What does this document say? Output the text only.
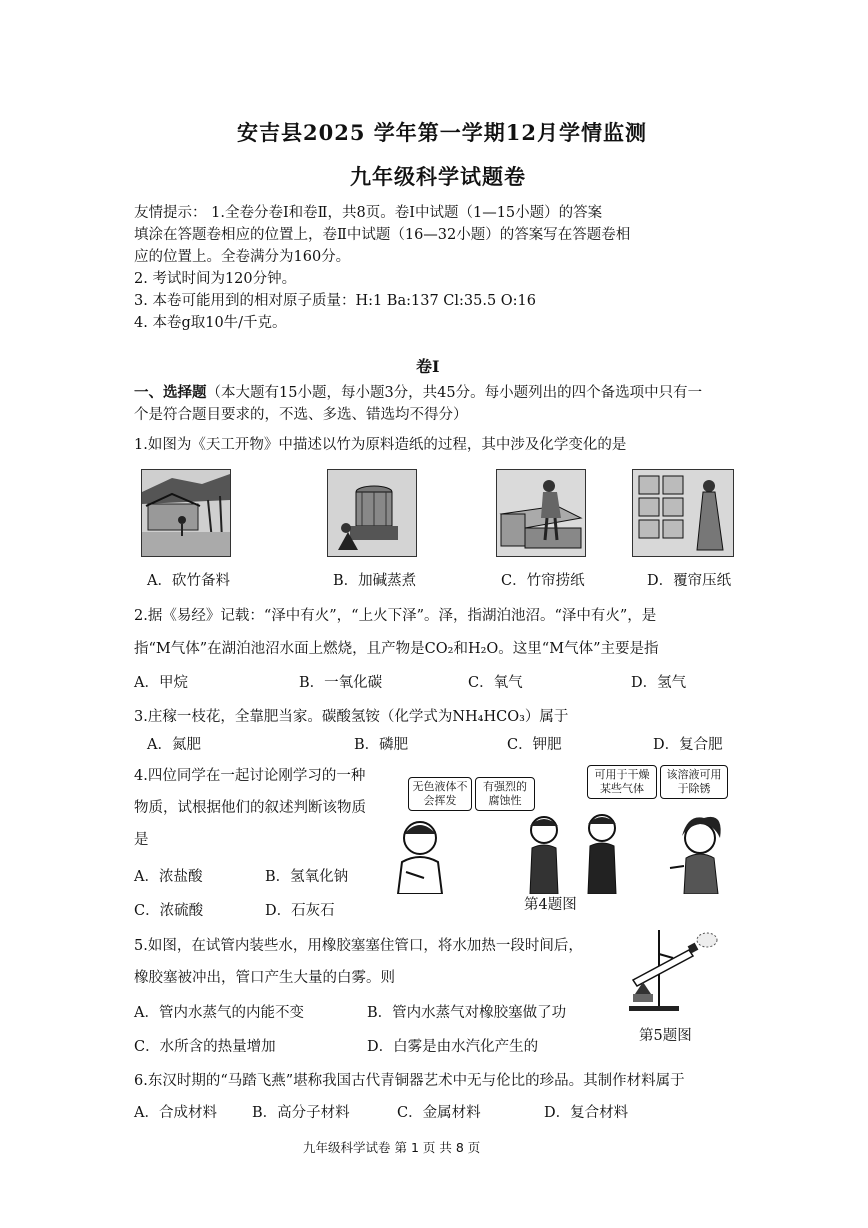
安吉县2025 学年第一学期12月学情监测
九年级科学试题卷
友情提示： 1.全卷分卷Ⅰ和卷Ⅱ，共8页。卷Ⅰ中试题（1—15小题）的答案
填涂在答题卷相应的位置上，卷Ⅱ中试题（16—32小题）的答案写在答题卷相
应的位置上。全卷满分为160分。
2. 考试时间为120分钟。
3. 本卷可能用到的相对原子质量：H:1 Ba:137 Cl:35.5 O:16
4. 本卷g取10牛/千克。
卷Ⅰ
一、选择题（本大题有15小题，每小题3分，共45分。每小题列出的四个备选项中只有一
个是符合题目要求的，不选、多选、错选均不得分）
1.如图为《天工开物》中描述以竹为原料造纸的过程，其中涉及化学变化的是
A．砍竹备料	B．加碱蒸煮	C．竹帘捞纸	D．覆帘压纸
2.据《易经》记载：“泽中有火”，“上火下泽”。泽，指湖泊池沼。“泽中有火”，是
指“M气体”在湖泊池沼水面上燃烧，且产物是CO₂和H₂O。这里“M气体”主要是指
A．甲烷	B．一氧化碳	C．氧气	D．氢气
3.庄稼一枝花，全靠肥当家。碳酸氢铵（化学式为NH₄HCO₃）属于
A．氮肥	B．磷肥	C．钾肥	D．复合肥
4.四位同学在一起讨论刚学习的一种
物质，试根据他们的叙述判断该物质
是
A．浓盐酸	B．氢氧化钠
C．浓硫酸	D．石灰石
无色液体不会挥发
有强烈的腐蚀性
可用于干燥某些气体
该溶液可用于除锈
第4题图
5.如图，在试管内装些水，用橡胶塞塞住管口，将水加热一段时间后，
橡胶塞被冲出，管口产生大量的白雾。则
A．管内水蒸气的内能不变	B．管内水蒸气对橡胶塞做了功
C．水所含的热量增加	D．白雾是由水汽化产生的
第5题图
6.东汉时期的“马踏飞燕”堪称我国古代青铜器艺术中无与伦比的珍品。其制作材料属于
A．合成材料 B．高分子材料	C．金属材料	D．复合材料
九年级科学试卷 第 1 页 共 8 页
